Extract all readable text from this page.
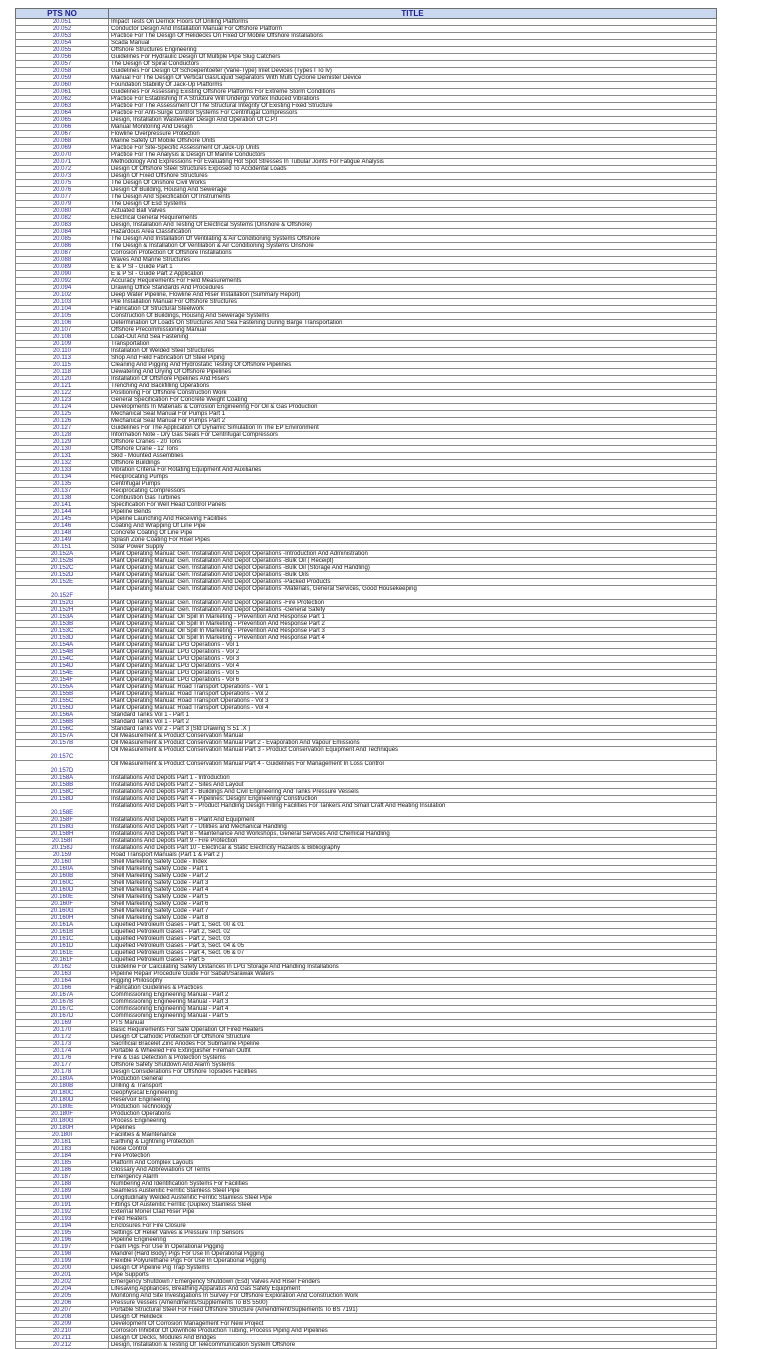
PTS NO	TITLE
20.051	Impact Tests On Derrick Floors Of Drilling Platforms
20.052	Conductor Design And Installation Manual For Offshore Platform
20.053	Practice For The Design Of Helidecks On Fixed Or Mobile Offshore Installations
20.054	Scada Manual
20.055	Offshore Structures Engineering
20.056	Guidelines For Hydraulic Design Of Multiple Pipe Slug Catchers
20.057	The Design Of Spiral Conductors
20.058	Guidelines For Design Of Schoepentoeter (Vane-Type) Inlet Devices (Types I To Iv)
20.059	Manual For The Design Of Vertical Gas/Liquid Separators With Multi Cyclone Demister Device
20.060	Foundation Stability Of Jack-Up Platforms
20.061	Guidelines For Assessing Existing Offshore Platforms For Extreme Storm Conditions
20.062	Practice For Establishing If A Structure Will Undergo Vortex Induced Vibrations
20.063	Practice For The Assessment Of The Structural Integrity Of Existing Fixed Structure
20.064	Practice For Anti-Surge Control Systems For Centrifugal Compressors
20.065	Design, Installation Wastewater Design And Operation Of C.P.I
20.066	Manual Monitoring And Design
20.067	Flowline Overpressure Protection
20.068	Marine Safety Of Mobile Offshore Units
20.069	Practice For Site-Specific Assessment Of Jack-Up Units
20.070	Practice For The Analysis & Design Of Marine Conductors
20.071	Methodology And Expressions For Evaluating Hot Spot Stresses In Tubular Joints For Fatigue Analysis
20.072	Design Of Offshore Steel Structures Exposed To Accidental Loads
20.073	Design Of Fixed Offshore Structures
20.075	The Design Of Onshore Civil Works
20.076	Design Of Building, Housing And Sewerage
20.077	The Design And Specification Of Instruments
20.079	The Design Of Esd Systems
20.080	Actuated Ball Valves
20.082	Electrical General Requirements
20.083	Design, Installation And Testing Of Electrical Systems (Onshore & Offshore)
20.084	Hazardous Area Classification
20.085	The Design And Installation Of Ventilating & Air Conditioning Systems Offshore
20.086	The Design & Installation Of Ventilation & Air Conditioning Systems Onshore
20.087	Corrosion Protection Of Offshore Installations
20.088	Waves And Marine Structures
20.089	E & P SI - Guide Part 1
20.090	E & P SI - Guide Part 2 Application
20.092	Accuracy Requirements For Field Measurements
20.094	Drawing Office Standards And Procedures
20.102	Deep Water Pipeline, Flowline And Riser Installation (Summary Report)
20.103	Pile Installation Manual For Offshore Structures
20.104	Fabrication Of Structural Steelwork
20.105	Construction Of Buildings, Housing And Sewerage Systems
20.106	Determination Of Loads On Structures And Sea Fastening During Barge Transportation
20.107	Offshore Precommissioning Manual
20.108	Load-Out And Sea Fastening
20.109	Transportation
20.110	Installation Of Welded Steel Structures
20.113	Shop And Field Fabrication Of Steel Piping
20.115	Cleaning And Pigging And Hydrostatic Testing Of Offshore Pipelines
20.118	Dewatering And Drying Of Offshore Pipelines
20.120	Installation Of Offshore Pipelines And Risers
20.121	Trenching And Backfilling Operations
20.122	Positioning For Offshore Construction Work
20.123	General Specification For Concrete Weight Coating
20.124	Developments In Materials & Corrosion Engineering For Oil & Gas Production
20.125	Mechanical Seal Manual For Pumps Part 1
20.126	Mechanical Seal Manual For Pumps Part 2
20.127	Guidelines For The Application Of Dynamic Simulation In The EP Environment
20.128	Information Note - Dry Gas Seals For Centrifugal Compressors
20.129	Offshore Cranes - 20 Tons
20.130	Offshore Crane - 12 Tons
20.131	Skid - Mounted Assemblies
20.132	Offshore Buildings
20.133	Vibration Criteria For Rotating Equipment And Auxiliaries
20.134	Reciprocating Pumps
20.135	Centrifugal Pumps
20.137	Reciprocating Compressors
20.138	Combustion Gas Turbines
20.141	Specification For Well Head Control Panels
20.144	Pipeline Bends
20.145	Pipeline Launching And Receiving Facilities
20.146	Coating And Wrapping Of Line Pipe
20.148	Concrete Coating Of Line Pipe
20.149	Splash Zone Coating For Riser Pipes
20.151	Solar Power Supply
20.152A	Plant Operating Manual: Gen. Installation And Depot Operations -Introduction And Administration
20.152B	Plant Operating Manual: Gen. Installation And Depot Operations -Bulk Oil ( Receipt)
20.152C	Plant Operating Manual: Gen. Installation And Depot Operations -Bulk Oil (Storage And Handling)
20.152D	Plant Operating Manual: Gen. Installation And Depot Operations -Bulk Oils
20.152E	Plant Operating Manual: Gen. Installation And Depot Operations -Packed Products
20.152F	Plant Operating Manual: Gen. Installation And Depot Operations -Materials, General Services, Good Housekeeping
20.152G	Plant Operating Manual: Gen. Installation And Depot Operations -Fire Protection
20.152H	Plant Operating Manual: Gen. Installation And Depot Operations -General Safety
20.153A	Plant Operating Manual: Oil Spill In Marketing - Prevention And Response Part 1
20.153B	Plant Operating Manual: Oil Spill In Marketing - Prevention And Response Part 2
20.153C	Plant Operating Manual: Oil Spill In Marketing - Prevention And Response Part 3
20.153D	Plant Operating Manual: Oil Spill In Marketing - Prevention And Response Part 4
20.154A	Plant Operating Manual: LPG Operations - Vol 1
20.154B	Plant Operating Manual: LPG Operations - Vol 2
20.154C	Plant Operating Manual: LPG Operations - Vol 3
20.154D	Plant Operating Manual: LPG Operations - Vol 4
20.154E	Plant Operating Manual: LPG Operations - Vol 5
20.154F	Plant Operating Manual: LPG Operations - Vol 6
20.155A	Plant Operating Manual: Road Transport Operations - Vol 1
20.155B	Plant Operating Manual: Road Transport Operations - Vol 2
20.155C	Plant Operating Manual: Road Transport Operations - Vol 3
20.155D	Plant Operating Manual: Road Transport Operations - Vol 4
20.156A	Standard Tanks Vol 1 - Part 1
20.156B	Standard Tanks Vol 1 - Part 2
20.156C	Standard Tanks Vol 2 - Part 3 (Std Drawing S 51 .X )
20.157A	Oil Measurement & Product Conservation Manual
20.157B	Oil Measurement & Product Conservation Manual Part 2 - Evaporation And Vapour Emissions
20.157C	Oil Measurement & Product Conservation Manual Part 3 - Product Conservation Equipment And Techniques
20.157D	Oil Measurement & Product Conservation Manual Part 4 - Guidelines For Management In Loss Control
20.158A	Installations And Depots Part 1 - Introduction
20.158B	Installations And Depots Part 2 - Sites And Layout
20.158C	Installations And Depots Part 3 - Buildings And Civil Engineering And Tanks Pressure Vessels
20.158D	Installations And Depots Part 4 - Pipelines: Design/ Engineering/ Construction
20.158E	Installations And Depots Part 5 - Product Handling Design Filling Facilities For Tankers And Small Craft And Heating Insulation
20.158F	Installations And Depots Part 6 - Plant And Equipment
20.158G	Installations And Depots Part 7 - Utilities and Mechanical Handling
20.158H	Installations And Depots Part 8 - Maintenance And Workshops, General Services And Chemical Handling
20.158I	Installations And Depots Part 9 - Fire Protection
20.158J	Installations And Depots Part 10 - Electrical & Static Electricity Hazards & Bibliography
20.159	Road Transport Manuals (Part 1 & Part 2 )
20.160	Shell Marketing Safety Code - Index
20.160A	Shell Marketing Safety Code - Part 1
20.160B	Shell Marketing Safety Code - Part 2
20.160C	Shell Marketing Safety Code - Part 3
20.160D	Shell Marketing Safety Code - Part 4
20.160E	Shell Marketing Safety Code - Part 5
20.160F	Shell Marketing Safety Code - Part 6
20.160G	Shell Marketing Safety Code - Part 7
20.160H	Shell Marketing Safety Code - Part 8
20.161A	Liquefied Petroleum Gases - Part 1, Sect. 00 & 01
20.161B	Liquefied Petroleum Gases - Part 2, Sect. 02
20.161C	Liquefied Petroleum Gases - Part 2, Sect. 03
20.161D	Liquefied Petroleum Gases - Part 3, Sect. 04 & 05
20.161E	Liquefied Petroleum Gases - Part 4, Sect. 06 & 07
20.161F	Liquefied Petroleum Gases - Part 5
20.162	Guideline For Calculating Safety Distances In LPG Storage And Handling Installations
20.163	Pipeline Repair Procedure Guide For Sabah/Sarawak Waters
20.164	Rigging Philosophy
20.166	Fabrication Guidelines & Practices
20.167A	Commissioning Engineering Manual - Part 2
20.167B	Commissioning Engineering Manual - Part 3
20.167C	Commissioning Engineering Manual - Part 4
20.167D	Commissioning Engineering Manual - Part 5
20.169	PTS Manual
20.170	Basic Requirements For Safe Operation Of Fired Heaters
20.172	Design Of Cathodic Protection Of Offshore Structure
20.173	Sacrificial Bracelet Zinc Anodes For Submarine Pipeline
20.174	Portable & Wheeled Fire Extinguisher Fireman Outfit
20.176	Fire & Gas Detection & Protection Systems
20.177	Offshore Safety Shutdown And Alarm Systems
20.178	Design Considerations For Offshore Topsides Facilities
20.180A	Production General
20.180B	Drilling & Transport
20.180C	Geophysical Engineering
20.180D	Reservoir Engineering
20.180E	Production Technology
20.180F	Production Operations
20.180G	Process Engineering
20.180H	Pipelines
20.180I	Facilities & Maintenance
20.181	Earthing & Lightning Protection
20.183	Noise Control
20.184	Fire Protection
20.185	Platform And Complex Layouts
20.186	Glossary And Abbreviations Of Terms
20.187	Emergency Alarm
20.188	Numbering And Identification Systems For Facilities
20.189	Seamless Austenitic Ferritic Stainless Steel Pipe
20.190	Longitudinally Welded Austenitic Ferritic Stainless Steel Pipe
20.191	Fittings Of Austenitic Ferritic (Duplex) Stainless Steel
20.192	External Monel Clad Riser Pipe
20.193	Fired Heaters
20.194	Enclosures For Fire Closure
20.195	Settings Of Relief Valves & Pressure Trip Sensors
20.196	Pipeline Engineering
20.197	Foam Pigs For Use In Operational Pigging
20.198	Mandrel (Hard Body) Pigs For Use In Operational Pigging
20.199	Flexible Polyurethane Pigs For Use In Operational Pigging
20.200	Design Of Pipeline Pig Trap Systems
20.201	Pipe Supports
20.202	Emergency Shutdown / Emergency Shutdown (Esd) Valves And Riser Fenders
20.204	Lifesaving Appliances, Breathing Apparatus And Gas Safety Equipment
20.205	Monitoring And Site Investigations In Survey For Offshore Exploration And Construction Work
20.206	Pressure Vessels (Amendments/Supplements To BS 5500)
20.207	Portable Structural Steel For Fixed Offshore Structure (Amendment/Suplements To BS 7191)
20.208	Design Of Helideck
20.209	Development Of Corrosion Management For New Project
20.210	Corrosion Inhibitor Of Downhole Production Tubing, Process Piping And Pipelines
20.211	Design Of Decks, Modules And Bridges
20.212	Design, Installation & Testing Of Telecommunication System Offshore
